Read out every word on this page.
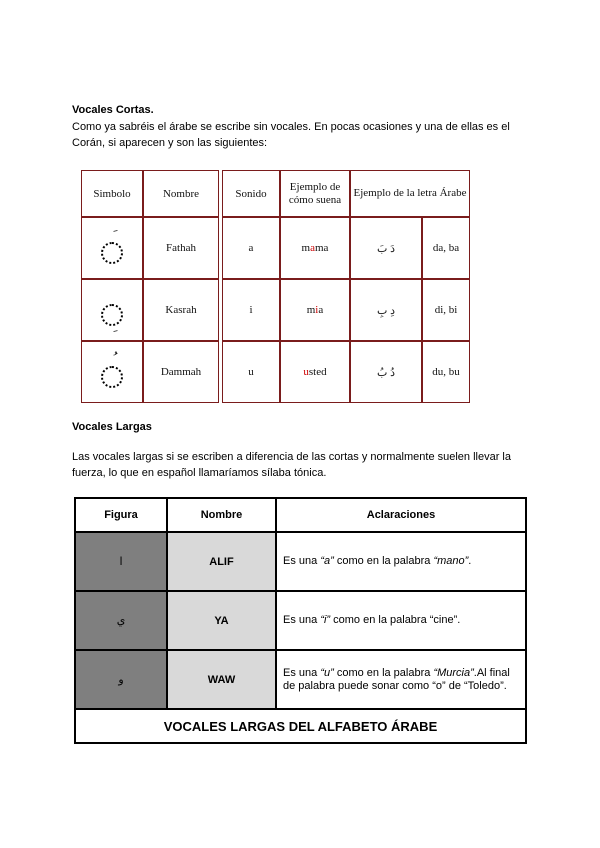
Vocales Cortas.
Como ya sabréis el árabe se escribe sin vocales. En pocas ocasiones y una de ellas es el Corán, si aparecen y son las siguientes:
Simbolo	Nombre		Sonido	Ejemplo de cómo suena	Ejemplo de la letra Árabe	

	Fathah		a	mama	دَ بَ	da, ba

	Kasrah		i	mia	دِ بِ	di, bi

	Dammah		u	usted	دُ بُ	du, bu
Vocales Largas
Las vocales largas si se escriben a diferencia de las cortas y normalmente suelen llevar la fuerza, lo que en español llamaríamos sílaba tónica.
Figura	Nombre	Aclaraciones
ا	ALIF	Es una “a” como en la palabra “mano”.
ي	YA	Es una “i” como en la palabra “cine”.
و	WAW	Es una “u” como en la palabra “Murcia”.Al final de palabra puede sonar como “o” de “Toledo”.
VOCALES LARGAS DEL ALFABETO ÁRABE		
